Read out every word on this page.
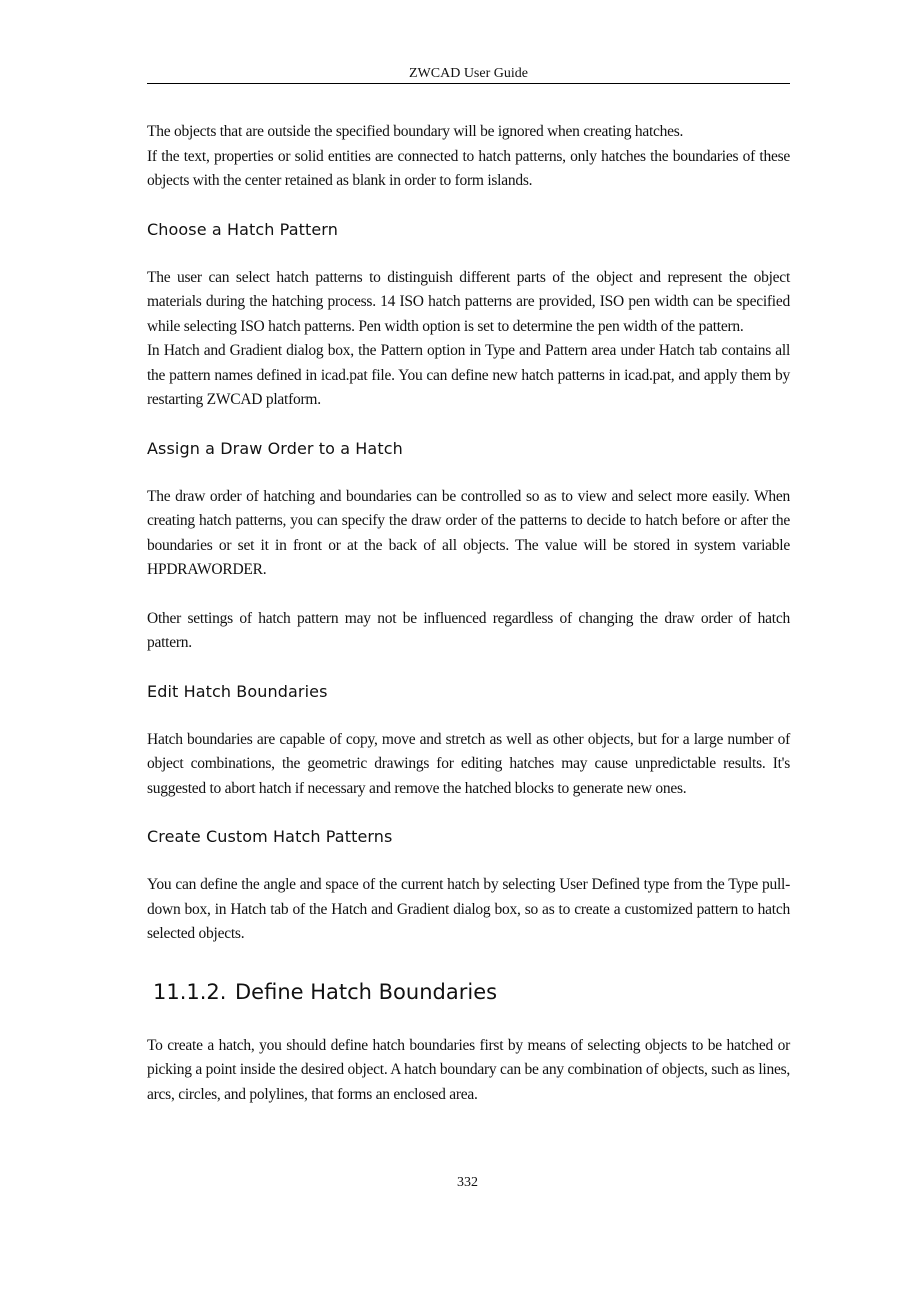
ZWCAD User Guide

The objects that are outside the specified boundary will be ignored when creating hatches.

If the text, properties or solid entities are connected to hatch patterns, only hatches the boundaries of these objects with the center retained as blank in order to form islands.

Choose a Hatch Pattern

The user can select hatch patterns to distinguish different parts of the object and represent the object materials during the hatching process. 14 ISO hatch patterns are provided, ISO pen width can be specified while selecting ISO hatch patterns. Pen width option is set to determine the pen width of the pattern.

In Hatch and Gradient dialog box, the Pattern option in Type and Pattern area under Hatch tab contains all the pattern names defined in icad.pat file. You can define new hatch patterns in icad.pat, and apply them by restarting ZWCAD platform.

Assign a Draw Order to a Hatch

The draw order of hatching and boundaries can be controlled so as to view and select more easily. When creating hatch patterns, you can specify the draw order of the patterns to decide to hatch before or after the boundaries or set it in front or at the back of all objects. The value will be stored in system variable HPDRAWORDER.

Other settings of hatch pattern may not be influenced regardless of changing the draw order of hatch pattern.

Edit Hatch Boundaries

Hatch boundaries are capable of copy, move and stretch as well as other objects, but for a large number of object combinations, the geometric drawings for editing hatches may cause unpredictable results. It's suggested to abort hatch if necessary and remove the hatched blocks to generate new ones.

Create Custom Hatch Patterns

You can define the angle and space of the current hatch by selecting User Defined type from the Type pull-down box, in Hatch tab of the Hatch and Gradient dialog box, so as to create a customized pattern to hatch selected objects.

11.1.2. Define Hatch Boundaries

To create a hatch, you should define hatch boundaries first by means of selecting objects to be hatched or picking a point inside the desired object. A hatch boundary can be any combination of objects, such as lines, arcs, circles, and polylines, that forms an enclosed area.

332
